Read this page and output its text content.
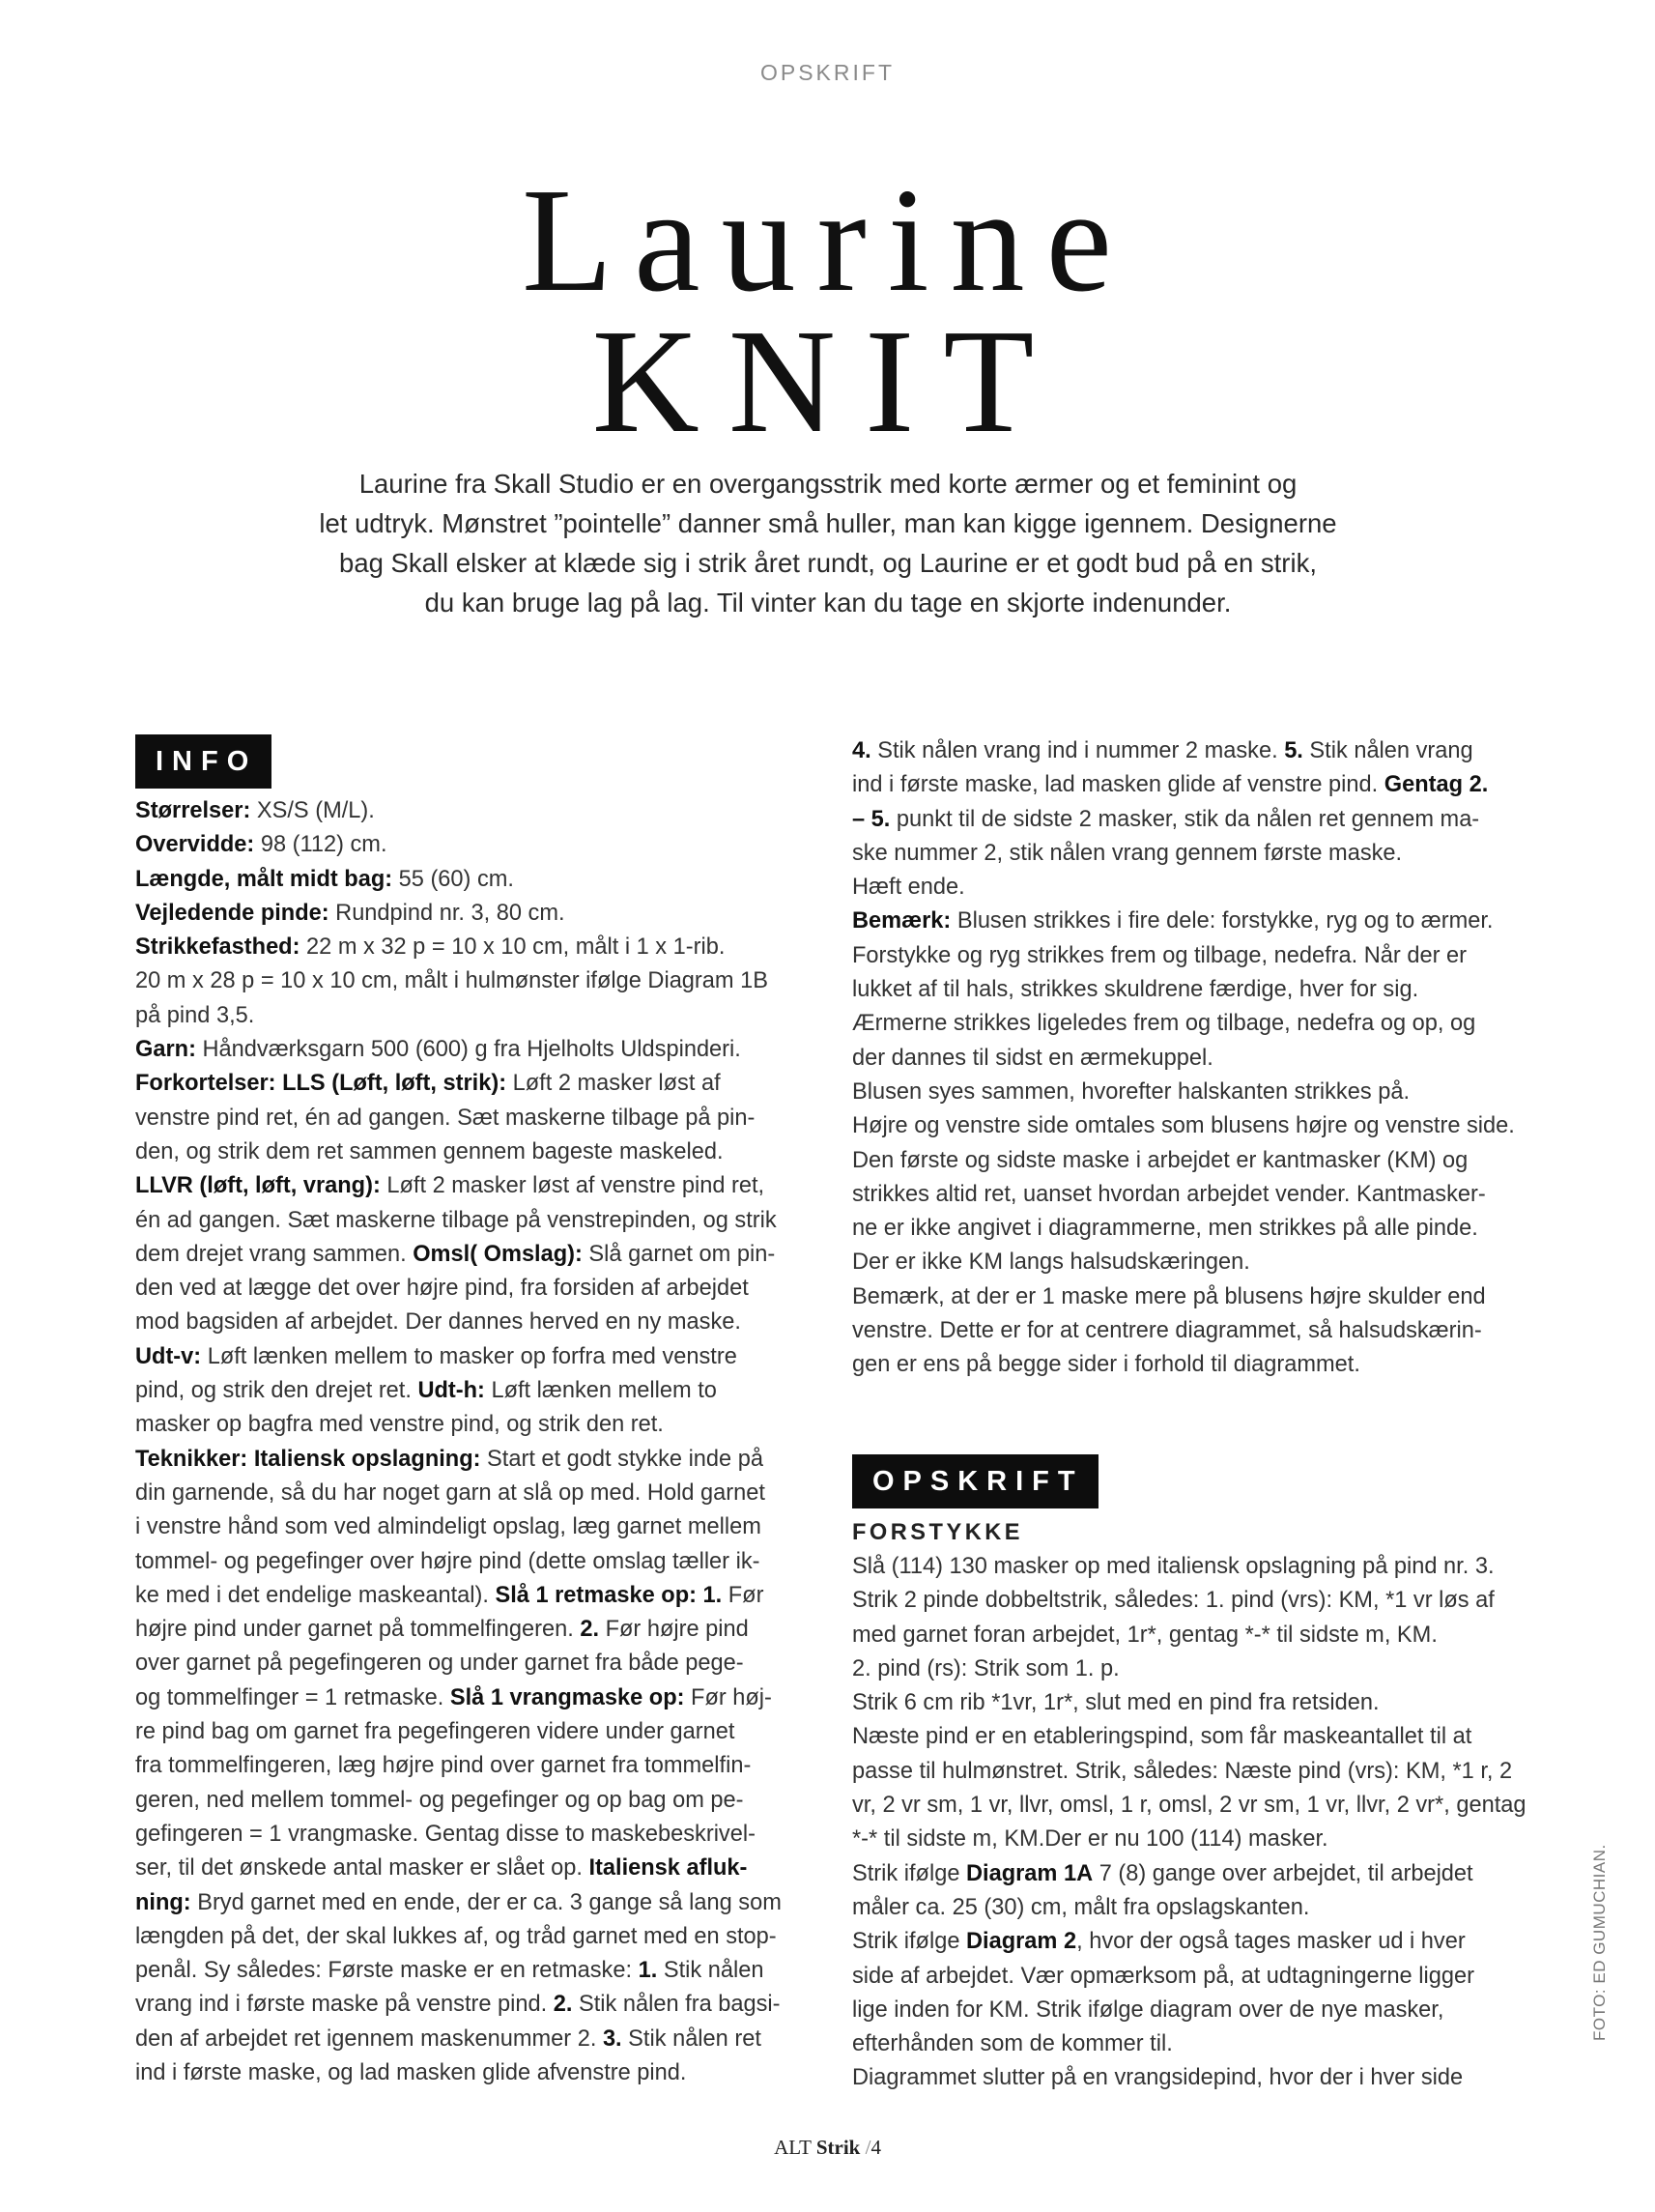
OPSKRIFT
Laurine
KNIT

Laurine fra Skall Studio er en overgangsstrik med korte ærmer og et feminint og

let udtryk. Mønstret ”pointelle” danner små huller, man kan kigge igennem. Designerne

bag Skall elsker at klæde sig i strik året rundt, og Laurine er et godt bud på en strik,

du kan bruge lag på lag. Til vinter kan du tage en skjorte indenunder.

INFO

Størrelser: XS/S (M/L).

Overvidde: 98 (112) cm.

Længde, målt midt bag: 55 (60) cm.

Vejledende pinde: Rundpind nr. 3, 80 cm.

Strikkefasthed: 22 m x 32 p = 10 x 10 cm, målt i 1 x 1-rib.

20 m x 28 p = 10 x 10 cm, målt i hulmønster ifølge Diagram 1B

på pind 3,5.

Garn: Håndværksgarn 500 (600) g fra Hjelholts Uldspinderi.

Forkortelser: LLS (Løft, løft, strik): Løft 2 masker løst af

venstre pind ret, én ad gangen. Sæt maskerne tilbage på pin-

den, og strik dem ret sammen gennem bageste maskeled.

LLVR (løft, løft, vrang): Løft 2 masker løst af venstre pind ret,

én ad gangen. Sæt maskerne tilbage på venstrepinden, og strik

dem drejet vrang sammen. Omsl( Omslag): Slå garnet om pin-

den ved at lægge det over højre pind, fra forsiden af arbejdet

mod bagsiden af arbejdet. Der dannes herved en ny maske.

Udt-v: Løft lænken mellem to masker op forfra med venstre

pind, og strik den drejet ret. Udt-h: Løft lænken mellem to

masker op bagfra med venstre pind, og strik den ret.

Teknikker: Italiensk opslagning: Start et godt stykke inde på

din garnende, så du har noget garn at slå op med. Hold garnet

i venstre hånd som ved almindeligt opslag, læg garnet mellem

tommel- og pegefinger over højre pind (dette omslag tæller ik-

ke med i det endelige maskeantal). Slå 1 retmaske op: 1. Før

højre pind under garnet på tommelfingeren. 2. Før højre pind

over garnet på pegefingeren og under garnet fra både pege-

og tommelfinger = 1 retmaske. Slå 1 vrangmaske op: Før høj-

re pind bag om garnet fra pegefingeren videre under garnet

fra tommelfingeren, læg højre pind over garnet fra tommelfin-

geren, ned mellem tommel- og pegefinger og op bag om pe-

gefingeren = 1 vrangmaske. Gentag disse to maskebeskrivel-

ser, til det ønskede antal masker er slået op. Italiensk afluk-

ning: Bryd garnet med en ende, der er ca. 3 gange så lang som

længden på det, der skal lukkes af, og tråd garnet med en stop-

penål. Sy således: Første maske er en retmaske: 1. Stik nålen

vrang ind i første maske på venstre pind. 2. Stik nålen fra bagsi-

den af arbejdet ret igennem maskenummer 2. 3. Stik nålen ret

ind i første maske, og lad masken glide afvenstre pind.

4. Stik nålen vrang ind i nummer 2 maske. 5. Stik nålen vrang

ind i første maske, lad masken glide af venstre pind. Gentag 2.

– 5. punkt til de sidste 2 masker, stik da nålen ret gennem ma-

ske nummer 2, stik nålen vrang gennem første maske.

Hæft ende.

Bemærk: Blusen strikkes i fire dele: forstykke, ryg og to ærmer.

Forstykke og ryg strikkes frem og tilbage, nedefra. Når der er

lukket af til hals, strikkes skuldrene færdige, hver for sig.

Ærmerne strikkes ligeledes frem og tilbage, nedefra og op, og

der dannes til sidst en ærmekuppel.

Blusen syes sammen, hvorefter halskanten strikkes på.

Højre og venstre side omtales som blusens højre og venstre side.

Den første og sidste maske i arbejdet er kantmasker (KM) og

strikkes altid ret, uanset hvordan arbejdet vender. Kantmasker-

ne er ikke angivet i diagrammerne, men strikkes på alle pinde.

Der er ikke KM langs halsudskæringen.

Bemærk, at der er 1 maske mere på blusens højre skulder end

venstre. Dette er for at centrere diagrammet, så halsudskærin-

gen er ens på begge sider i forhold til diagrammet.

OPSKRIFT
FORSTYKKE

Slå (114) 130 masker op med italiensk opslagning på pind nr. 3.

Strik 2 pinde dobbeltstrik, således: 1. pind (vrs): KM, *1 vr løs af

med garnet foran arbejdet, 1r*, gentag *-* til sidste m, KM.

2. pind (rs): Strik som 1. p.

Strik 6 cm rib *1vr, 1r*, slut med en pind fra retsiden.

Næste pind er en etableringspind, som får maskeantallet til at

passe til hulmønstret. Strik, således: Næste pind (vrs): KM, *1 r, 2

vr, 2 vr sm, 1 vr, llvr, omsl, 1 r, omsl, 2 vr sm, 1 vr, llvr, 2 vr*, gentag

*-* til sidste m, KM.Der er nu 100 (114) masker.

Strik ifølge Diagram 1A 7 (8) gange over arbejdet, til arbejdet

måler ca. 25 (30) cm, målt fra opslagskanten.

Strik ifølge Diagram 2, hvor der også tages masker ud i hver

side af arbejdet. Vær opmærksom på, at udtagningerne ligger

lige inden for KM. Strik ifølge diagram over de nye masker,

efterhånden som de kommer til.

Diagrammet slutter på en vrangsidepind, hvor der i hver side

FOTO: ED GUMUCHIAN.
ALT Strik /4
